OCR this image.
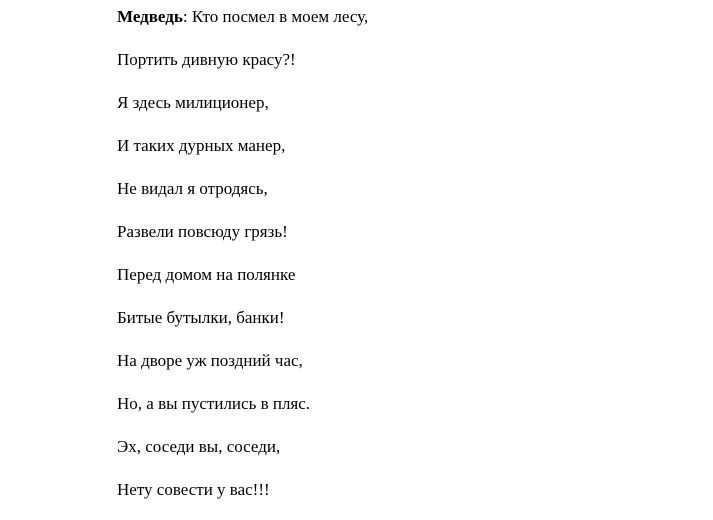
Медведь: Кто посмел в моем лесу,
Портить дивную красу?!
Я здесь милиционер,
И таких дурных манер,
Не видал я отродясь,
Развели повсюду грязь!
Перед домом на полянке
Битые бутылки, банки!
На дворе уж поздний час,
Но, а вы пустились в пляс.
Эх, соседи вы, соседи,
Нету совести у вас!!!
